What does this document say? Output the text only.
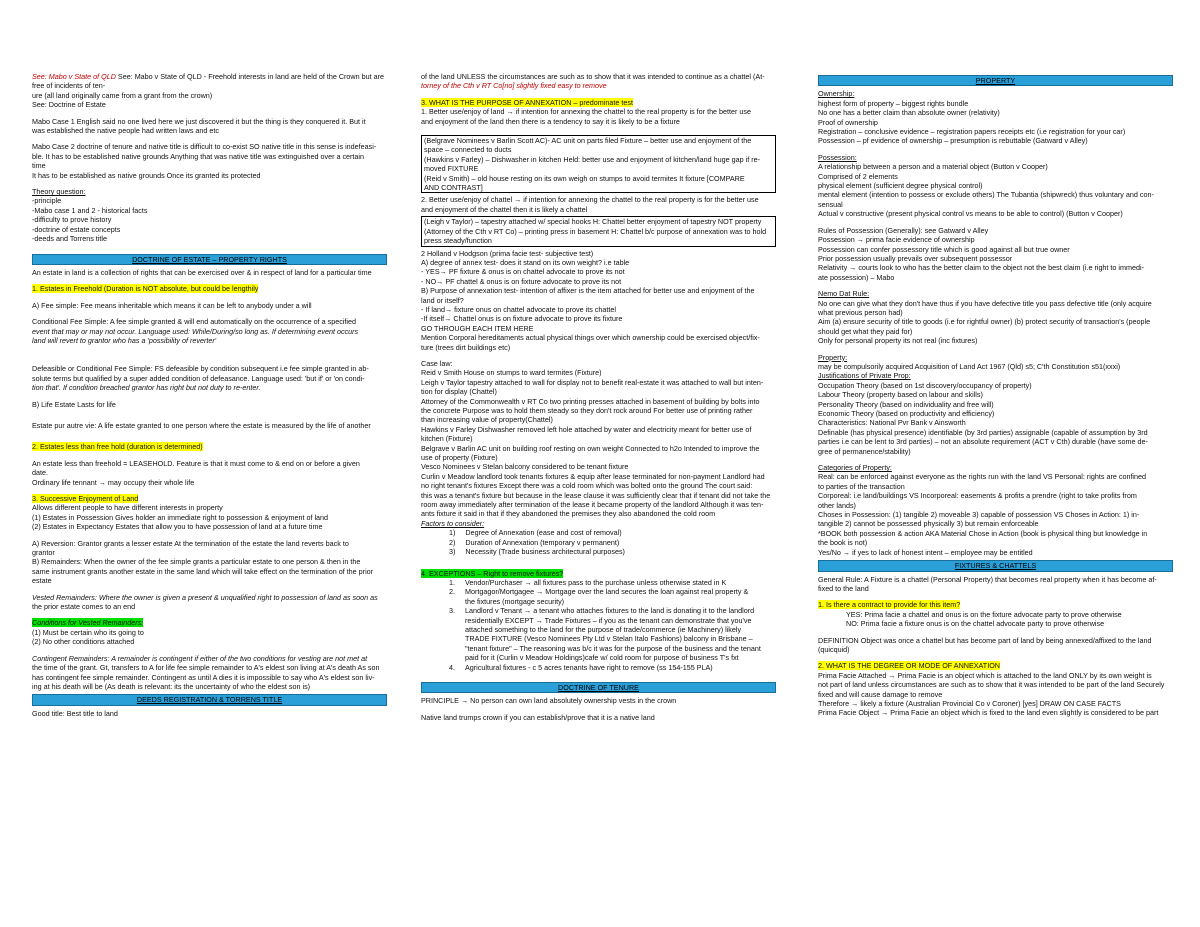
See: Mabo v State of QLD See: Mabo v State of QLD - Freehold interests in land are held of the Crown but are free of incidents of ten-

ure (all land originally came from a grant from the crown)

See: Doctrine of Estate

Mabo Case 1 English said no one lived here we just discovered it but the thing is they conquered it. But it

was established the native people had written laws and etc

Mabo Case 2 doctrine of tenure and native title is difficult to co-exist SO native title in this sense is indefeasi-

ble. It has to be established native grounds Anything that was native title was extinguished over a certain

time

It has to be established as native grounds Once its granted its protected

Theory question:

-principle

-Mabo case 1 and 2 - historical facts

-difficulty to prove history

-doctrine of estate concepts

-deeds and Torrens title

DOCTRINE OF ESTATE – PROPERTY RIGHTS

An estate in land is a collection of rights that can be exercised over & in respect of land for a particular time

1. Estates in Freehold (Duration is NOT absolute, but could be lengthily

A) Fee simple: Fee means inheritable which means it can be left to anybody under a will

Conditional Fee Simple: A fee simple granted & will end automatically on the occurrence of a specified

event that may or may not occur. Language used: While/During/so long as. If determining event occurs

land will revert to grantor who has a 'possibility of reverter'

Defeasible or Conditional Fee Simple: FS defeasible by condition subsequent i.e fee simple granted in ab-

solute terms but qualified by a super added condition of defeasance. Language used: 'but if' or 'on condi-

tion that'. If condition breached grantor has right but not duty to re-enter.

B) Life Estate Lasts for life

Estate pur autre vie: A life estate granted to one person where the estate is measured by the life of another

2. Estates less than free hold (duration is determined)

An estate less than freehold = LEASEHOLD. Feature is that it must come to & end on or before a given

date.

Ordinary life tennant → may occupy their whole life

3. Successive Enjoyment of Land

Allows different people to have different interests in property

(1) Estates in Possession Gives holder an immediate right to possession & enjoyment of land

(2) Estates in Expectancy Estates that allow you to have possession of land at a future time

A) Reversion: Grantor grants a lesser estate At the termination of the estate the land reverts back to

grantor

B) Remainders: When the owner of the fee simple grants a particular estate to one person & then in the

same instrument grants another estate in the same land which will take effect on the termination of the prior

estate

Vested Remainders: Where the owner is given a present & unqualified right to possession of land as soon as

the prior estate comes to an end

Conditions for Vested Remainders:

(1) Must be certain who its going to

(2) No other conditions attached

Contingent Remainders: A remainder is contingent if either of the two conditions for vesting are not met at

the time of the grant. Gt, transfers to A for life fee simple remainder to A's eldest son living at A's death As son

has contingent fee simple remainder. Contingent as until A dies it is impossible to say who A's eldest son liv-

ing at his death will be (As death is relevant: its the uncertainty of who the eldest son is)

DEEDS REGISTRATION & TORRENS TITLE

Good title: Best title to land

of the land UNLESS the circumstances are such as to show that it was intended to continue as a chattel (At-

torney of the Cth v RT Co[no] slightly fixed easy to remove

3. WHAT IS THE PURPOSE OF ANNEXATION – predominate test

1. Better use/enjoy of land → if intention for annexing the chattel to the real property is for the better use

and enjoyment of the land then there is a tendency to say it is likely to be a fixture

(Belgrave Nominees v Barlin Scott AC)- AC unit on parts filed Fixture – better use and enjoyment of the

space – connected to ducts

(Hawkins v Farley) – Dishwasher in kitchen Held: better use and enjoyment of kitchen/land huge gap if re-

moved FIXTURE

(Reid v Smith) – old house resting on its own weigh on stumps to avoid termites It fixture [COMPARE

AND CONTRAST]

2. Better use/enjoy of chattel → if intention for annexing the chattel to the real property is for the better use

and enjoyment of the chattel then it is likely a chattel

(Leigh v Taylor) – tapestry attached w/ special hooks H: Chattel better enjoyment of tapestry NOT property

(Attorney of the Cth v RT Co) – printing press in basement H: Chattel b/c purpose of annexation was to hold

press steady/function

2 Holland v Hodgson (prima facie test- subjective test)

A) degree of annex test- does it stand on its own weight? i.e table

- YES→ PF fixture & onus is on chattel advocate to prove its not

- NO→ PF chattel & onus is on fixture advocate to prove its not

B) Purpose of annexation test- intention of affixer is the item attached for better use and enjoyment of the

land or itself?

- If land→ fixture onus on chattel advocate to prove its chattel

-If itself→ Chattel onus is on fixture advocate to prove its fixture

GO THROUGH EACH ITEM HERE

Mention Corporal hereditaments actual physical things over which ownership could be exercised object/fix-

ture (trees dirt buildings etc)

Case law:

Reid v Smith House on stumps to ward termites (Fixture)

Leigh v Taylor tapestry attached to wall for display not to benefit real-estate it was attached to wall but inten-

tion for display (Chattel)

Attorney of the Commonwealth v RT Co two printing presses attached in basement of building by bolts into

the concrete Purpose was to hold them steady so they don't rock around For better use of printing rather

than increasing value of property(Chattel)

Hawkins v Farley Dishwasher removed left hole attached by water and electricity meant for better use of

kitchen (Fixture)

Belgrave v Barlin AC unit on building roof resting on own weight Connected to h2o Intended to improve the

use of property (Fixture)

Vesco Nominees v Stelan balcony considered to be tenant fixture

Curlin v Meadow landlord took tenants fixtures & equip after lease terminated for non-payment Landlord had

no right tenant's fixtures Except there was a cold room which was bolted onto the ground The court said:

this was a tenant's fixture but because in the lease clause it was sufficiently clear that if tenant did not take the

room away immediately after termination of the lease it became property of the landlord Although it was ten-

ants fixture it said in that if they abandoned the premises they also abandoned the cold room

Factors to consider:

1) Degree of Annexation (ease and cost of removal)

2) Duration of Annexation (temporary v permanent)

3) Necessity (Trade business architectural purposes)

4. EXCEPTIONS – Right to remove fixtures?

1. Vendor/Purchaser → all fixtures pass to the purchase unless otherwise stated in K

2. Mortgagor/Mortgagee → Mortgage over the land secures the loan against real property &

the fixtures (mortgage security)

3. Landlord v Tenant → a tenant who attaches fixtures to the land is donating it to the landlord

residentially EXCEPT → Trade Fixtures – if you as the tenant can demonstrate that you've

attached something to the land for the purpose of trade/commerce (ie Machinery) likely

TRADE FIXTURE (Vesco Nominees Pty Ltd v Stelan Italo Fashions) balcony in Brisbane –

"tenant fixture" – The reasoning was b/c it was for the purpose of the business and the tenant

paid for it (Curlin v Meadow Holdings)cafe w/ cold room for purpose of business T's fxt

4. Agricultural fixtures - c 5 acres tenants have right to remove (ss 154-155 PLA)

DOCTRINE OF TENURE

PRINCIPLE → No person can own land absolutely ownership vests in the crown

Native land trumps crown if you can establish/prove that it is a native land

PROPERTY

Ownership:

highest form of property – biggest rights bundle

No one has a better claim than absolute owner (relativity)

Proof of ownership

Registration – conclusive evidence – registration papers receipts etc (i.e registration for your car)

Possession – pf evidence of ownership – presumption is rebuttable (Gatward v Alley)

Possession:

A relationship between a person and a material object (Button v Cooper)

Comprised of 2 elements

physical element (sufficient degree physical control)

mental element (intention to possess or exclude others) The Tubantia (shipwreck) thus voluntary and con-

sensual

Actual v constructive (present physical control vs means to be able to control) (Button v Cooper)

Rules of Possession (Generally): see Gatward v Alley

Possession → prima facie evidence of ownership

Possession can confer possessory title which is good against all but true owner

Prior possession usually prevails over subsequent possessor

Relativity → courts look to who has the better claim to the object not the best claim (i.e right to immedi-

ate possession) – Mabo

Nemo Dat Rule:

No one can give what they don't have thus if you have defective title you pass defective title (only acquire

what previous person had)

Aim (a) ensure security of title to goods (i.e for rightful owner) (b) protect security of transaction's (people

should get what they paid for)

Only for personal property its not real (inc fixtures)

Property:

may be compulsorily acquired Acquisition of Land Act 1967 (Qld) s5; C'th Constitution s51(xxxi)

Justifications of Private Prop:

Occupation Theory (based on 1st discovery/occupancy of property)

Labour Theory (property based on labour and skills)

Personality Theory (based on individuality and free will)

Economic Theory (based on productivity and efficiency)

Characteristics: National Pvr Bank v Ainsworth

Definable (has physical presence) identifiable (by 3rd parties) assignable (capable of assumption by 3rd

parties i.e can be lent to 3rd parties) – not an absolute requirement (ACT v Cth) durable (have some de-

gree of permanence/stability)

Categories of Property:

Real: can be enforced against everyone as the rights run with the land VS Personal: rights are confined

to parties of the transaction

Corporeal: i.e land/buildings VS Incorporeal: easements & profits a prendre (right to take profits from

other lands)

Choses in Possession: (1) tangible 2) moveable 3) capable of possession VS Choses in Action: 1) in-

tangible 2) cannot be possessed physically 3) but remain enforceable

*BOOK both possession & action AKA Material Chose in Action (book is physical thing but knowledge in

the book is not)

Yes/No → if yes to lack of honest intent – employee may be entitled

FIXTURES & CHATTELS

General Rule: A Fixture is a chattel (Personal Property) that becomes real property when it has become af-

fixed to the land

1. Is there a contract to provide for this item?

YES: Prima facie a chattel and onus is on the fixture advocate party to prove otherwise

NO: Prima facie a fixture onus is on the chattel advocate party to prove otherwise

DEFINITION Object was once a chattel but has become part of land by being annexed/affixed to the land

(quicquid)

2. WHAT IS THE DEGREE OR MODE OF ANNEXATION

Prima Facie Attached → Prima Facie is an object which is attached to the land ONLY by its own weight is

not part of land unless circumstances are such as to show that it was intended to be part of the land Securely

fixed and will cause damage to remove

Therefore → likely a fixture (Australian Provincial Co v Coroner) [yes] DRAW ON CASE FACTS

Prima Facie Object → Prima Facie an object which is fixed to the land even slightly is considered to be part
